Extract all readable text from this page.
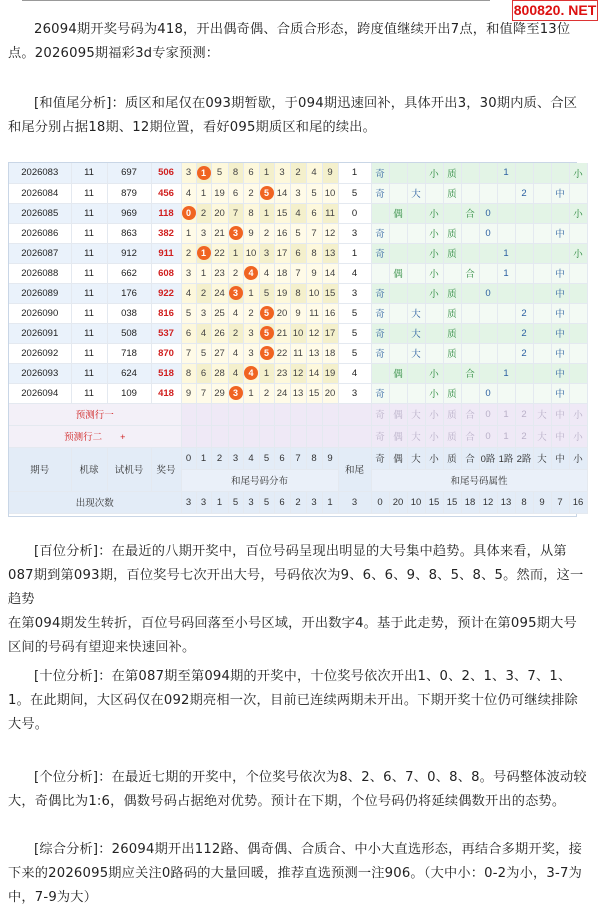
800820. NET
26094期开奖号码为418，开出偶奇偶、合质合形态，跨度值继续开出7点，和值降至13位
点。2026095期福彩3d专家预测：
[和值尾分析]：质区和尾仅在093期暂歇，于094期迅速回补，具体开出3，30期内质、合区
和尾分别占据18期、12期位置，看好095期质区和尾的续出。
2026083	11	697	506	3	1	5	8	6	1	3	2	4	9	1	奇			小	质			1				小	
2026084	11	879	456	4	1	19	6	2	5	14	3	5	10	5	奇		大		质				2		中		
2026085	11	969	118	0	2	20	7	8	1	15	4	6	11	0		偶		小		合	0					小	
2026086	11	863	382	1	3	21	3	9	2	16	5	7	12	3	奇			小	质		0				中		
2026087	11	912	911	2	1	22	1	10	3	17	6	8	13	1	奇			小	质			1				小	
2026088	11	662	608	3	1	23	2	4	4	18	7	9	14	4		偶		小		合		1			中		
2026089	11	176	922	4	2	24	3	1	5	19	8	10	15	3	奇			小	质		0				中		
2026090	11	038	816	5	3	25	4	2	5	20	9	11	16	5	奇		大		质				2		中		
2026091	11	508	537	6	4	26	2	3	5	21	10	12	17	5	奇		大		质				2		中		
2026092	11	718	870	7	5	27	4	3	5	22	11	13	18	5	奇		大		质				2		中		
2026093	11	624	518	8	6	28	4	4	1	23	12	14	19	4		偶		小		合		1			中		
2026094	11	109	418	9	7	29	3	1	2	24	13	15	20	3	奇			小	质		0				中		
预测行一															奇	偶	大	小	质	合	0	1	2	大	中	小	
预测行二 +															奇	偶	大	小	质	合	0	1	2	大	中	小	
期号	机球	试机号	奖号	0	1	2	3	4	5	6	7	8	9	和尾	奇	偶	大	小	质	合	0路	1路	2路	大	中	小	
				和尾号码分布											和尾号码属性												
出现次数				3	3	1	5	3	5	6	2	3	1	3	0	20	10	15	15	18	12	13	8	9	7	16	
[百位分析]：在最近的八期开奖中，百位号码呈现出明显的大号集中趋势。具体来看，从第
087期到第093期，百位奖号七次开出大号，号码依次为9、6、6、9、8、5、8、5。然而，这一趋势
在第094期发生转折，百位号码回落至小号区域，开出数字4。基于此走势，预计在第095期大号
区间的号码有望迎来快速回补。
[十位分析]：在第087期至第094期的开奖中，十位奖号依次开出1、0、2、1、3、7、1、
1。在此期间，大区码仅在092期亮相一次，目前已连续两期未开出。下期开奖十位仍可继续排除
大号。
[个位分析]：在最近七期的开奖中，个位奖号依次为8、2、6、7、0、8、8。号码整体波动较
大，奇偶比为1:6，偶数号码占据绝对优势。预计在下期，个位号码仍将延续偶数开出的态势。
[综合分析]：26094期开出112路、偶奇偶、合质合、中小大直选形态，再结合多期开奖，接
下来的2026095期应关注0路码的大量回暖，推荐直选预测一注906。（大中小：0-2为小，3-7为
中，7-9为大）
